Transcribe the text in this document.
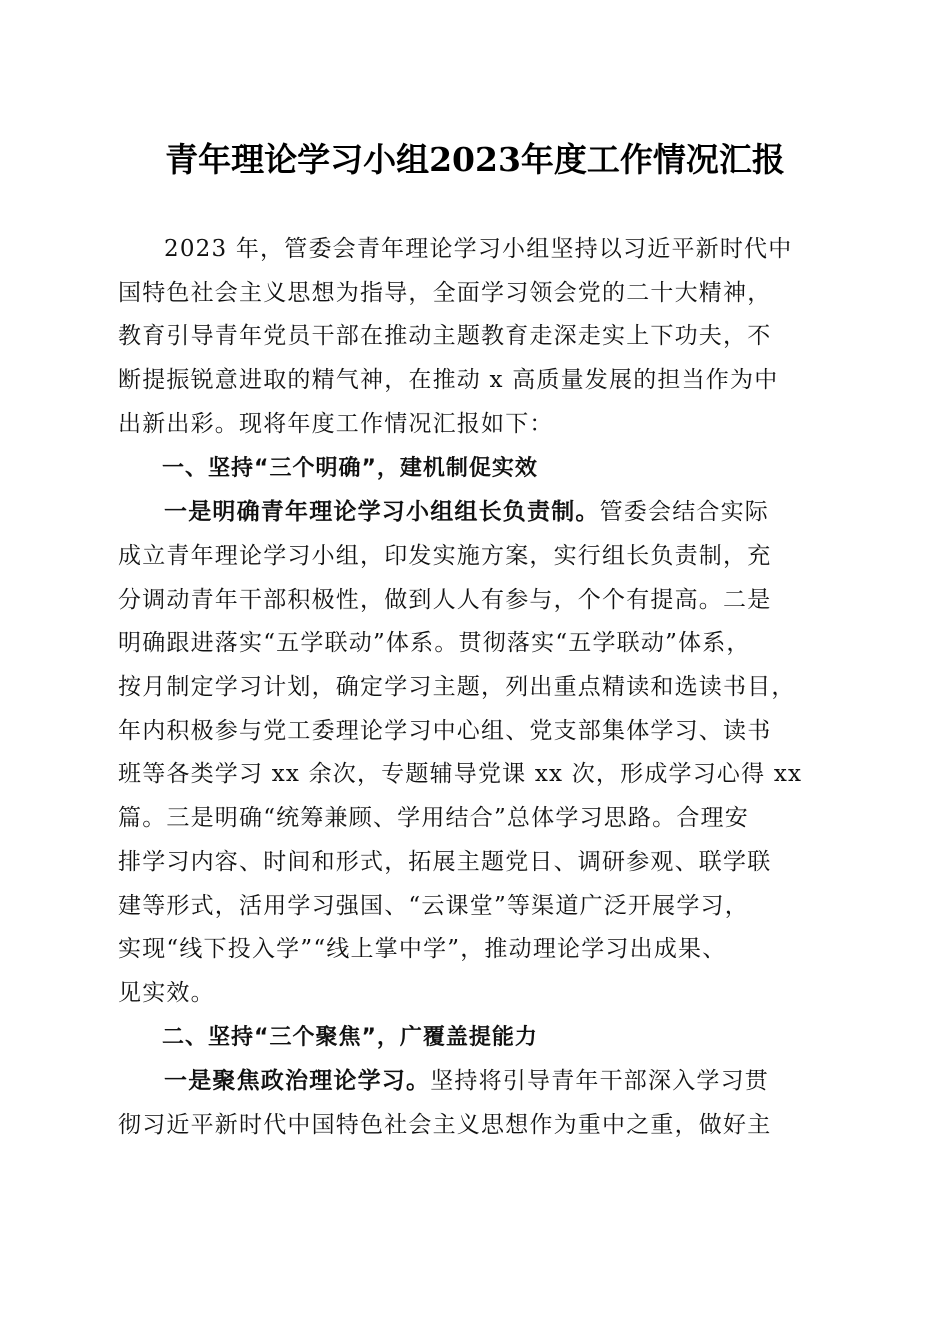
青年理论学习小组2023年度工作情况汇报
2023 年，管委会青年理论学习小组坚持以习近平新时代中
国特色社会主义思想为指导，全面学习领会党的二十大精神，
教育引导青年党员干部在推动主题教育走深走实上下功夫，不
断提振锐意进取的精气神，在推动 x 高质量发展的担当作为中
出新出彩。现将年度工作情况汇报如下：
一、坚持“三个明确”，建机制促实效
一是明确青年理论学习小组组长负责制。管委会结合实际
成立青年理论学习小组，印发实施方案，实行组长负责制，充
分调动青年干部积极性，做到人人有参与，个个有提高。二是
明确跟进落实“五学联动”体系。贯彻落实“五学联动”体系，
按月制定学习计划，确定学习主题，列出重点精读和选读书目，
年内积极参与党工委理论学习中心组、党支部集体学习、读书
班等各类学习 xx 余次，专题辅导党课 xx 次，形成学习心得 xx
篇。三是明确“统筹兼顾、学用结合”总体学习思路。合理安
排学习内容、时间和形式，拓展主题党日、调研参观、联学联
建等形式，活用学习强国、“云课堂”等渠道广泛开展学习，
实现“线下投入学”“线上掌中学”，推动理论学习出成果、
见实效。
二、坚持“三个聚焦”，广覆盖提能力
一是聚焦政治理论学习。坚持将引导青年干部深入学习贯
彻习近平新时代中国特色社会主义思想作为重中之重，做好主
